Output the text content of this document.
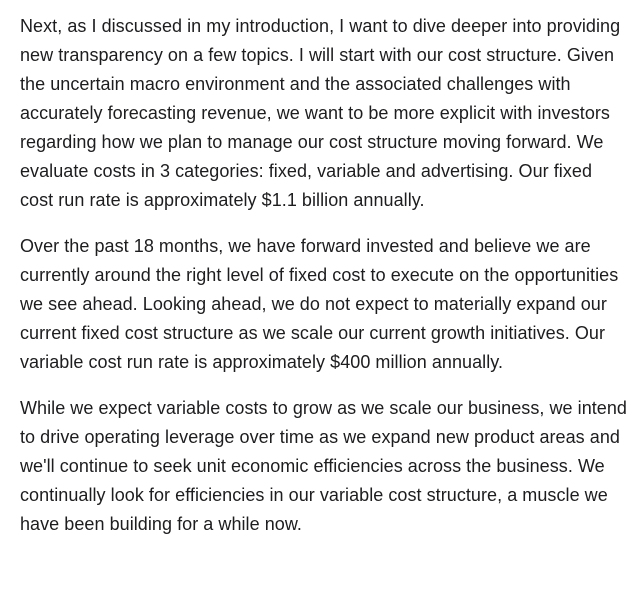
Next, as I discussed in my introduction, I want to dive deeper into providing new transparency on a few topics. I will start with our cost structure. Given the uncertain macro environment and the associated challenges with accurately forecasting revenue, we want to be more explicit with investors regarding how we plan to manage our cost structure moving forward. We evaluate costs in 3 categories: fixed, variable and advertising. Our fixed cost run rate is approximately $1.1 billion annually.

Over the past 18 months, we have forward invested and believe we are currently around the right level of fixed cost to execute on the opportunities we see ahead. Looking ahead, we do not expect to materially expand our current fixed cost structure as we scale our current growth initiatives. Our variable cost run rate is approximately $400 million annually.

While we expect variable costs to grow as we scale our business, we intend to drive operating leverage over time as we expand new product areas and we'll continue to seek unit economic efficiencies across the business. We continually look for efficiencies in our variable cost structure, a muscle we have been building for a while now.
